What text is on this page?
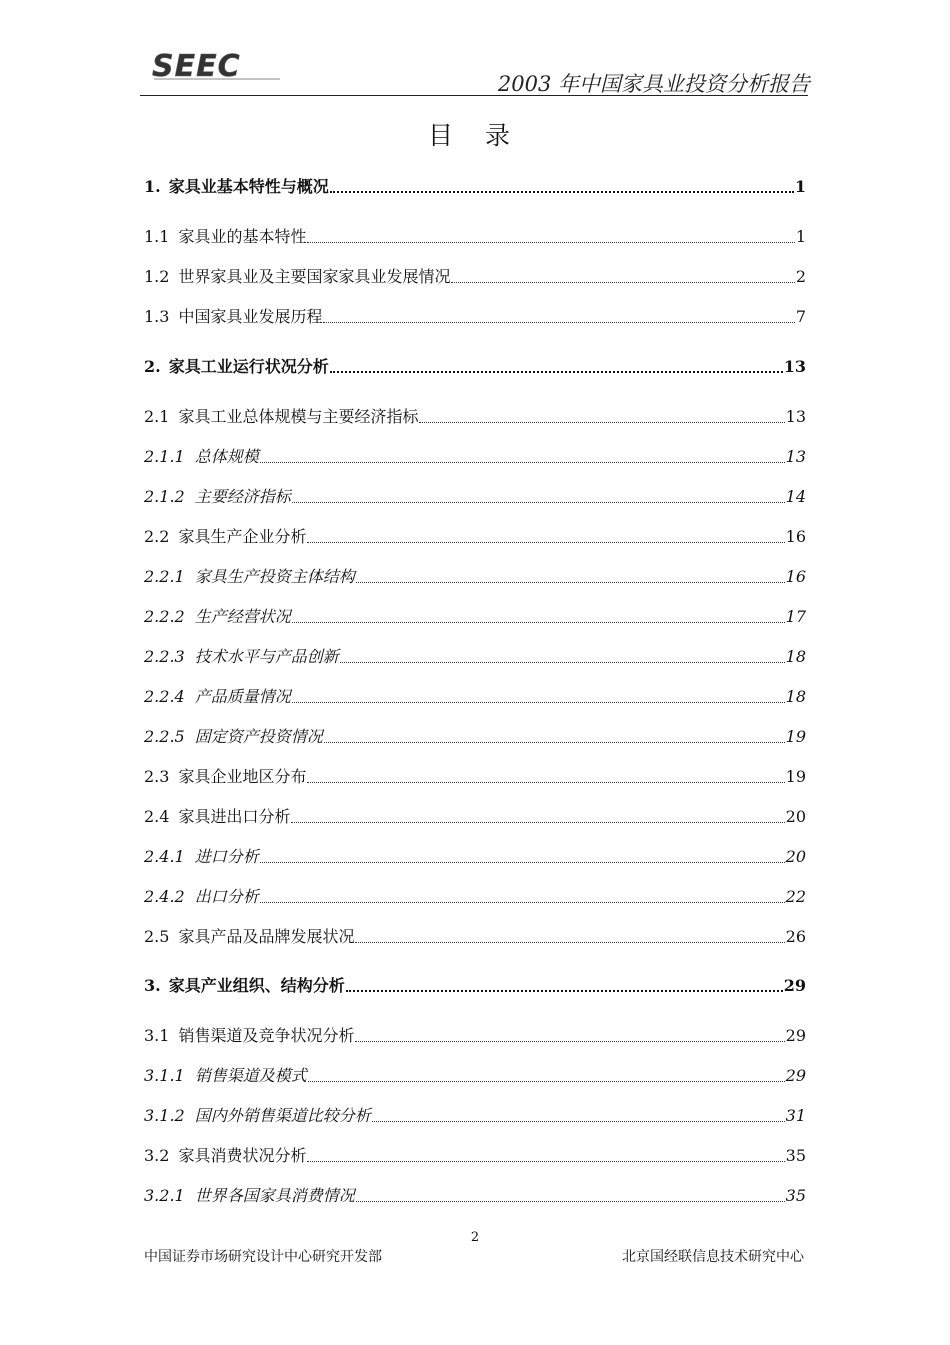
SEEC	2003 年中国家具业投资分析报告
目 录
1. 家具业基本特性与概况	1
1.1 家具业的基本特性	1
1.2 世界家具业及主要国家家具业发展情况	2
1.3 中国家具业发展历程	7
2. 家具工业运行状况分析	13
2.1 家具工业总体规模与主要经济指标	13
2.1.1 总体规模	13
2.1.2 主要经济指标	14
2.2 家具生产企业分析	16
2.2.1 家具生产投资主体结构	16
2.2.2 生产经营状况	17
2.2.3 技术水平与产品创新	18
2.2.4 产品质量情况	18
2.2.5 固定资产投资情况	19
2.3 家具企业地区分布	19
2.4 家具进出口分析	20
2.4.1 进口分析	20
2.4.2 出口分析	22
2.5 家具产品及品牌发展状况	26
3. 家具产业组织、结构分析	29
3.1 销售渠道及竞争状况分析	29
3.1.1 销售渠道及模式	29
3.1.2 国内外销售渠道比较分析	31
3.2 家具消费状况分析	35
3.2.1 世界各国家具消费情况	35
2
中国证券市场研究设计中心研究开发部	北京国经联信息技术研究中心
